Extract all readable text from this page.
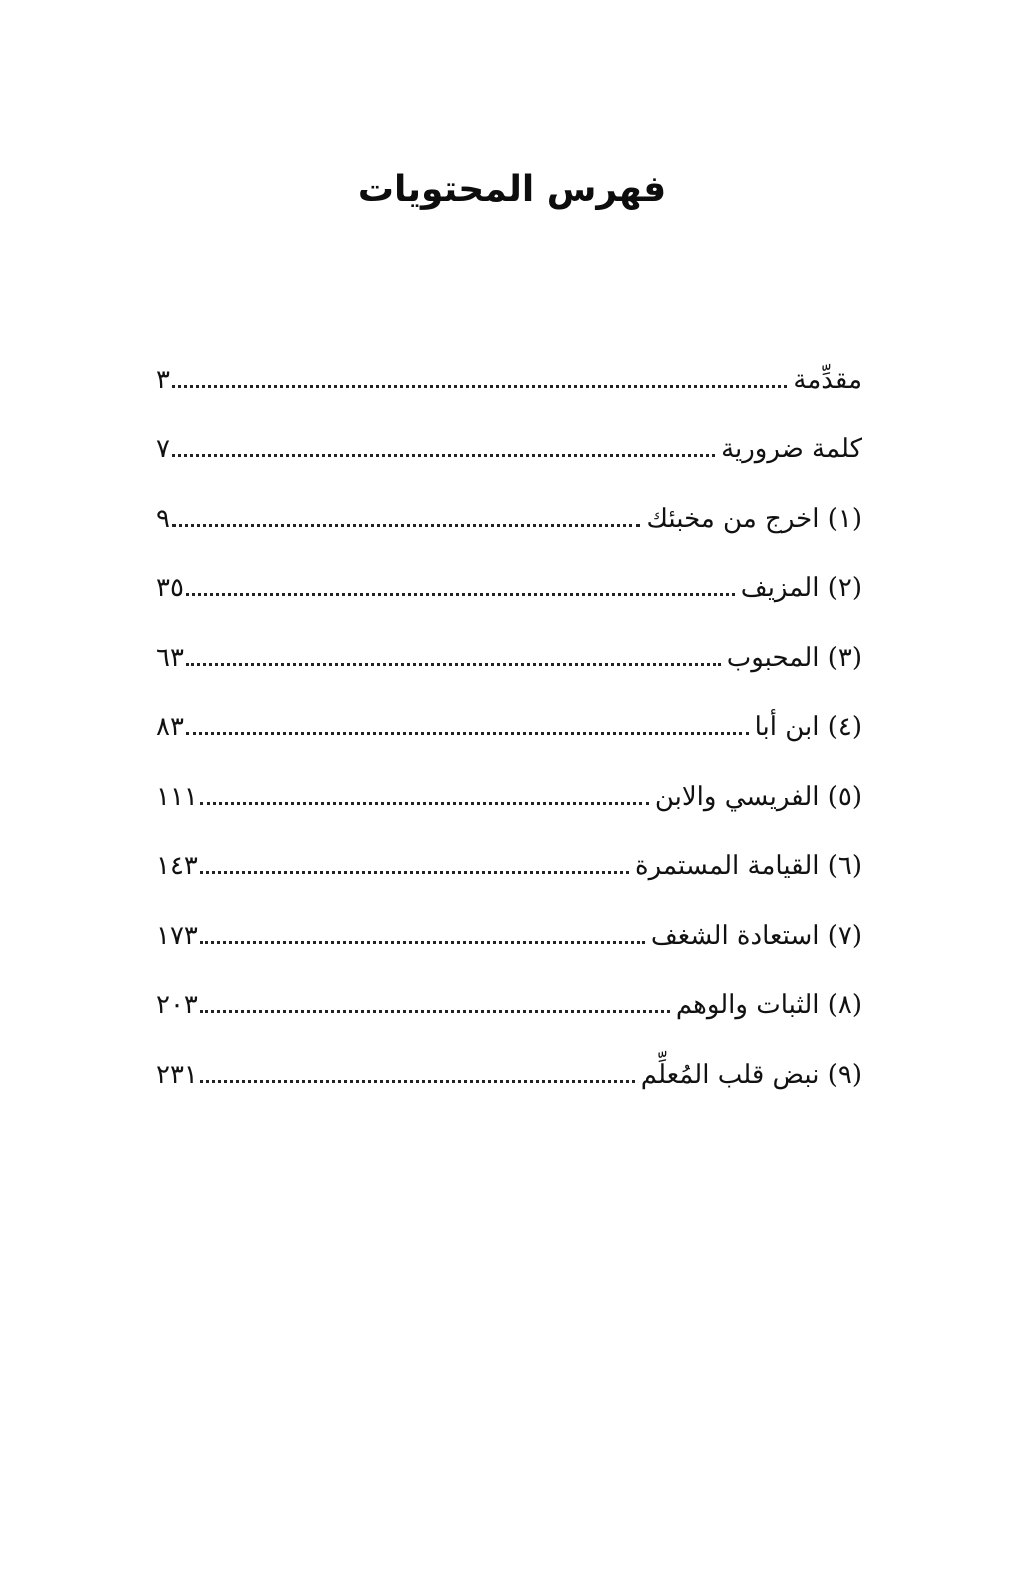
فهرس المحتويات
مقدِّمة
٣
كلمة ضرورية
٧
(١) اخرج من مخبئك
٩
(٢) المزيف
٣٥
(٣) المحبوب
٦٣
(٤) ابن أبا
٨٣
(٥) الفريسي والابن
١١١
(٦) القيامة المستمرة
١٤٣
(٧) استعادة الشغف
١٧٣
(٨) الثبات والوهم
٢٠٣
(٩) نبض قلب المُعلِّم
٢٣١
